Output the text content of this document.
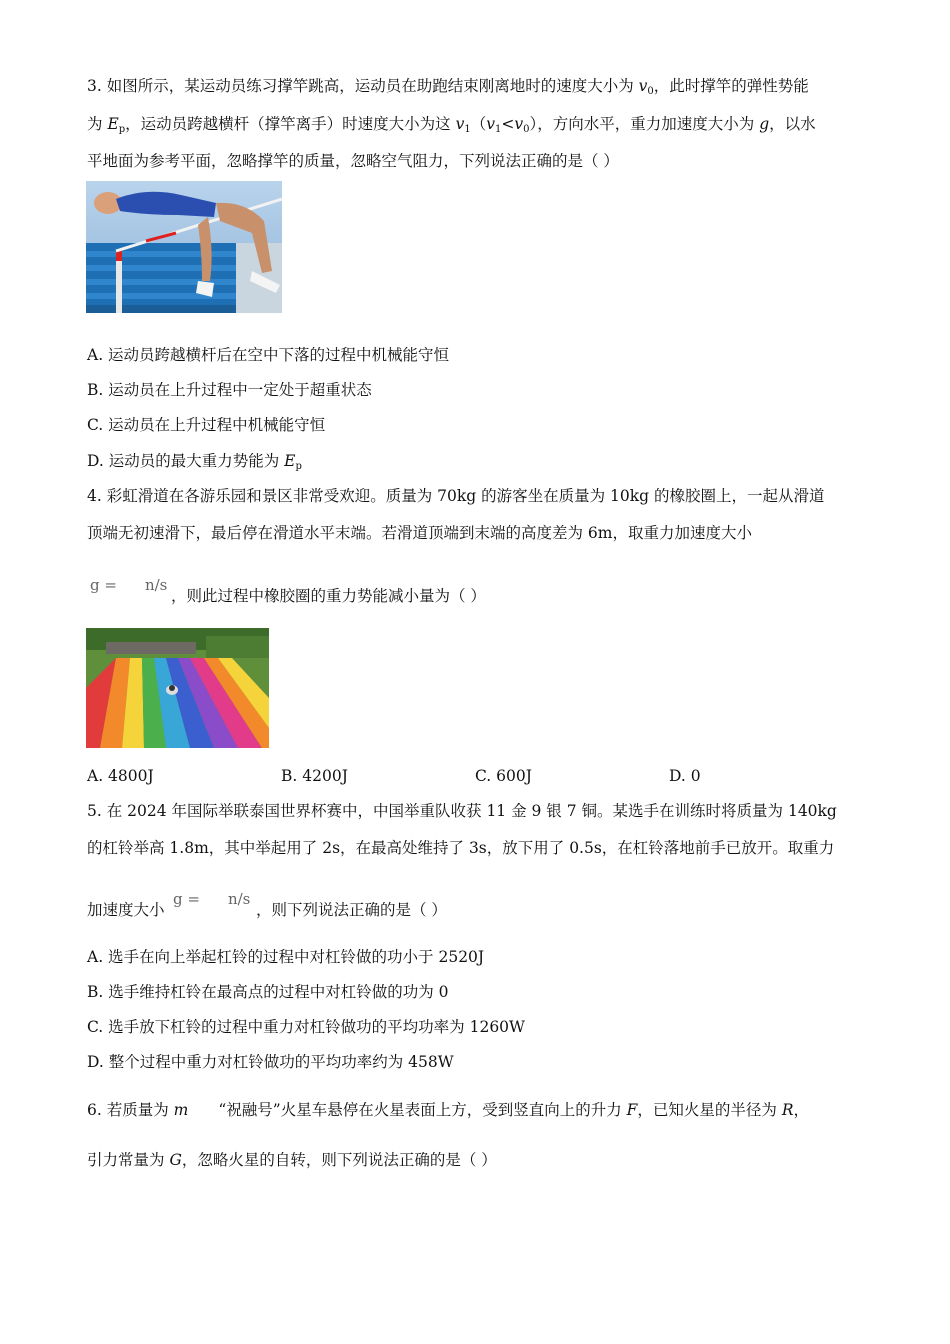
3. 如图所示，某运动员练习撑竿跳高，运动员在助跑结束刚离地时的速度大小为 $v_0$，此时撑竿的弹性势能
为 $E_p$，运动员跨越横杆（撑竿离手）时速度大小为这 $v_1(v_1<v_0)$，方向水平，重力加速度大小为 g，以水
平地面为参考平面，忽略撑竿的质量，忽略空气阻力，下列说法正确的是（ ）
A. 运动员跨越横杆后在空中下落的过程中机械能守恒
B. 运动员在上升过程中一定处于超重状态
C. 运动员在上升过程中机械能守恒
D. 运动员的最大重力势能为 $E_p$
4. 彩虹滑道在各游乐园和景区非常受欢迎。质量为 70kg 的游客坐在质量为 10kg 的橡胶圈上，一起从滑道
顶端无初速滑下，最后停在滑道水平末端。若滑道顶端到末端的高度差为 6m，取重力加速度大小
g = n/s
，则此过程中橡胶圈的重力势能减小量为（ ）
A. 4800J	B. 4200J	C. 600J	D. 0
5. 在 2024 年国际举联泰国世界杯赛中，中国举重队收获 11 金 9 银 7 铜。某选手在训练时将质量为 140kg
的杠铃举高 1.8m，其中举起用了 2s，在最高处维持了 3s，放下用了 0.5s，在杠铃落地前手已放开。取重力
加速度大小
g = n/s
，则下列说法正确的是（ ）
A. 选手在向上举起杠铃的过程中对杠铃做的功小于 2520J
B. 选手维持杠铃在最高点的过程中对杠铃做的功为 0
C. 选手放下杠铃的过程中重力对杠铃做功的平均功率为 1260W
D. 整个过程中重力对杠铃做功的平均功率约为 458W
6. 若质量为 m “祝融号”火星车悬停在火星表面上方，受到竖直向上的升力 F，已知火星的半径为 R，
引力常量为 G，忽略火星的自转，则下列说法正确的是（ ）
